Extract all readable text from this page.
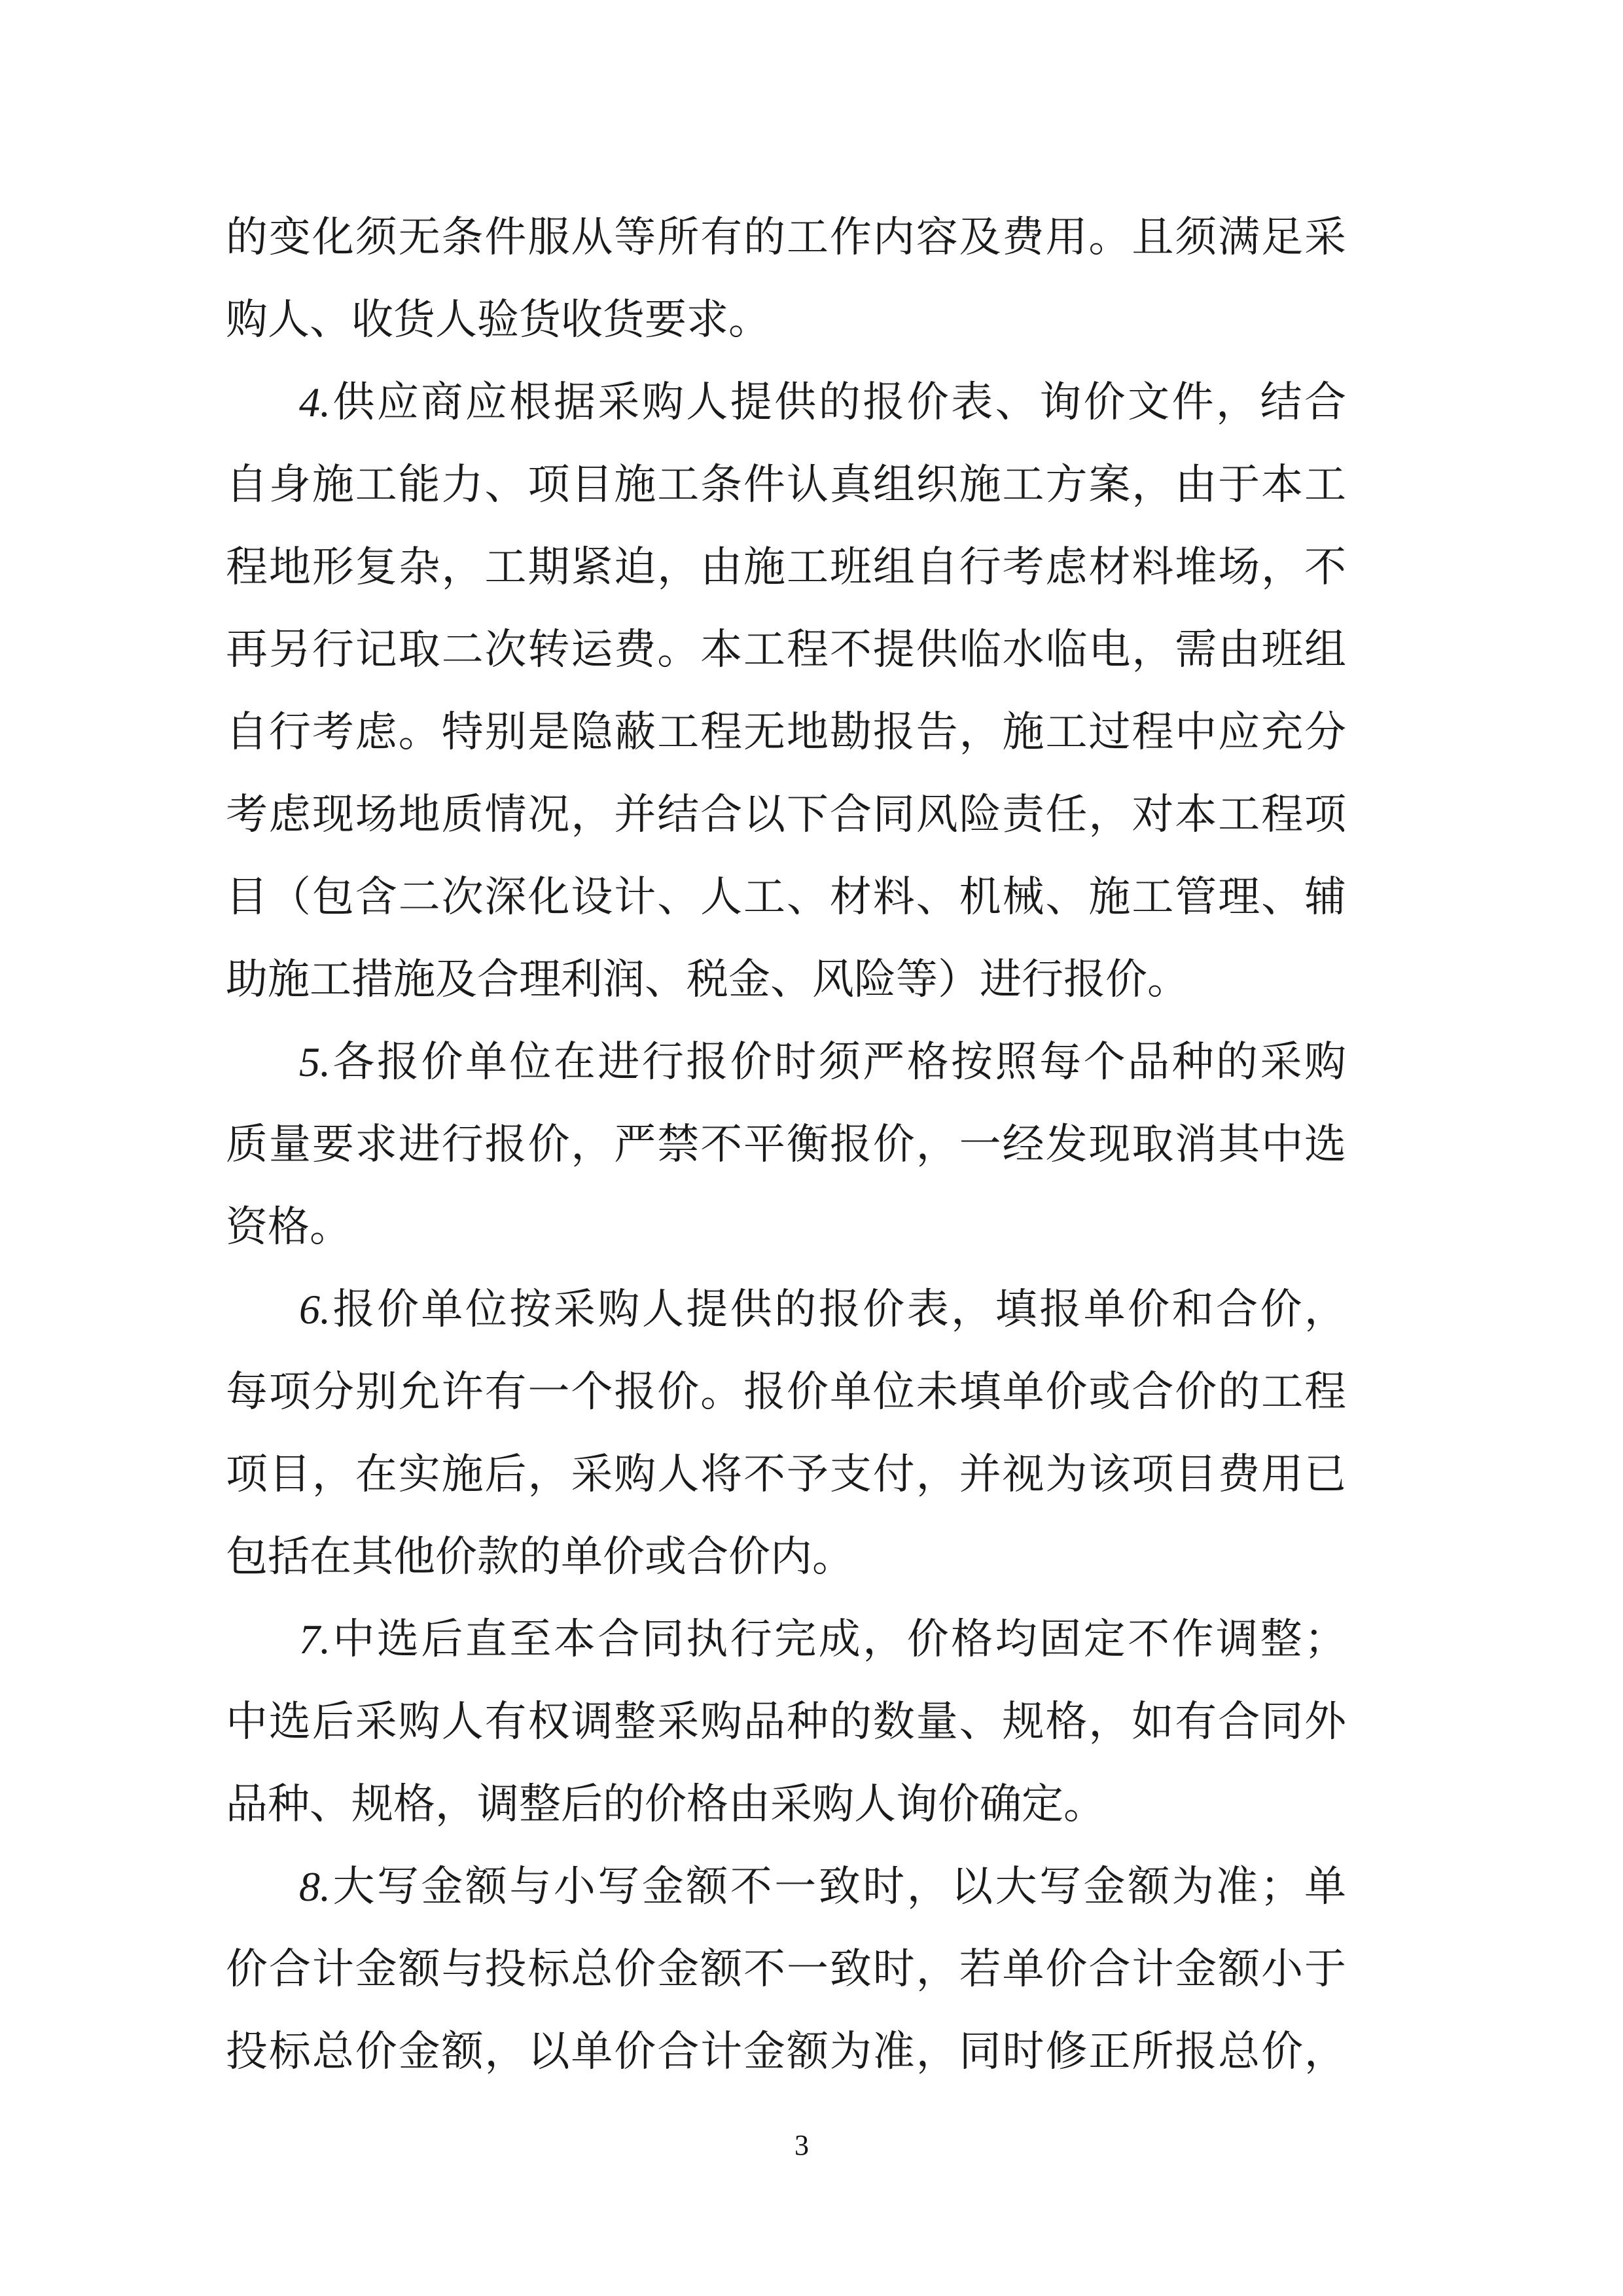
的变化须无条件服从等所有的工作内容及费用。且须满足采
购人、收货人验货收货要求。
4.供应商应根据采购人提供的报价表、询价文件，结合
自身施工能力、项目施工条件认真组织施工方案，由于本工
程地形复杂，工期紧迫，由施工班组自行考虑材料堆场，不
再另行记取二次转运费。本工程不提供临水临电，需由班组
自行考虑。特别是隐蔽工程无地勘报告，施工过程中应充分
考虑现场地质情况，并结合以下合同风险责任，对本工程项
目（包含二次深化设计、人工、材料、机械、施工管理、辅
助施工措施及合理利润、税金、风险等）进行报价。
5.各报价单位在进行报价时须严格按照每个品种的采购
质量要求进行报价，严禁不平衡报价，一经发现取消其中选
资格。
6.报价单位按采购人提供的报价表，填报单价和合价，
每项分别允许有一个报价。报价单位未填单价或合价的工程
项目，在实施后，采购人将不予支付，并视为该项目费用已
包括在其他价款的单价或合价内。
7.中选后直至本合同执行完成，价格均固定不作调整；
中选后采购人有权调整采购品种的数量、规格，如有合同外
品种、规格，调整后的价格由采购人询价确定。
8.大写金额与小写金额不一致时，以大写金额为准；单
价合计金额与投标总价金额不一致时，若单价合计金额小于
投标总价金额，以单价合计金额为准，同时修正所报总价，
3
